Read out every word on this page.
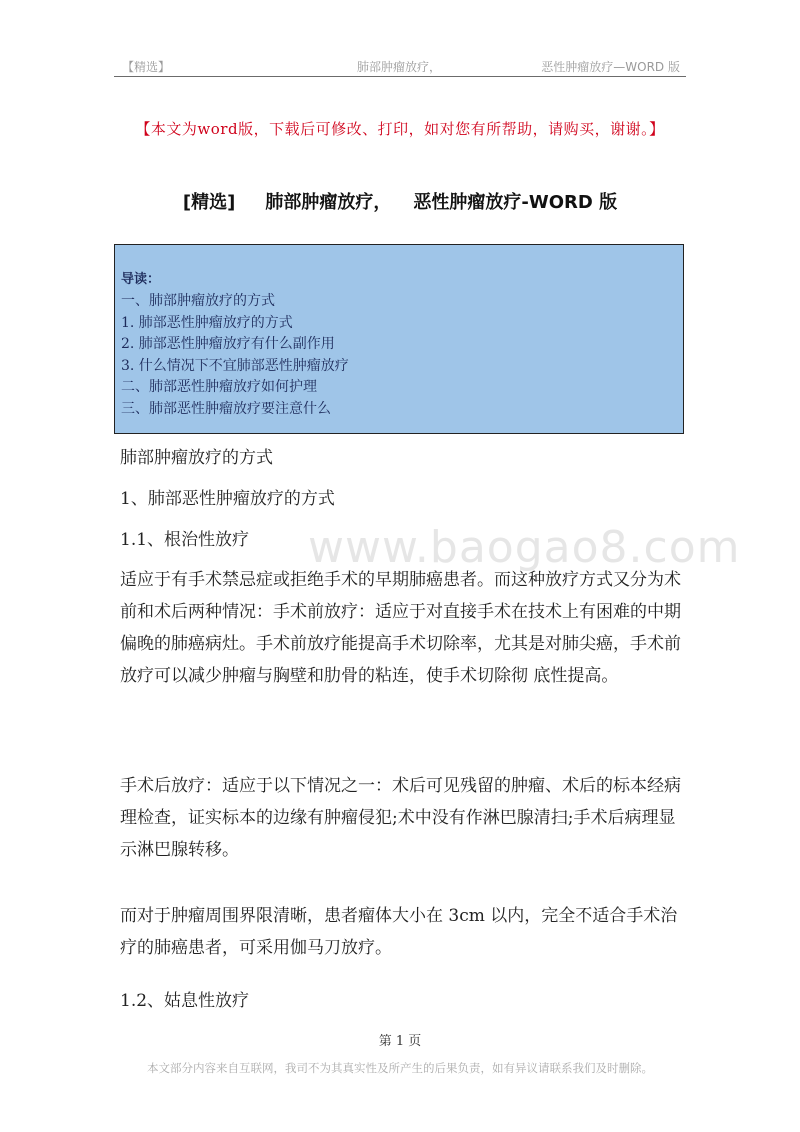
【精选】	肺部肿瘤放疗，	恶性肿瘤放疗—WORD 版
【本文为word版，下载后可修改、打印，如对您有所帮助，请购买，谢谢。】
[精选] 肺部肿瘤放疗， 恶性肿瘤放疗-WORD 版
导读：
一、肺部肿瘤放疗的方式
1. 肺部恶性肿瘤放疗的方式
2. 肺部恶性肿瘤放疗有什么副作用
3. 什么情况下不宜肺部恶性肿瘤放疗
二、肺部恶性肿瘤放疗如何护理
三、肺部恶性肿瘤放疗要注意什么
www.baogao8.com
肺部肿瘤放疗的方式
1、肺部恶性肿瘤放疗的方式
1.1、根治性放疗
适应于有手术禁忌症或拒绝手术的早期肺癌患者。而这种放疗方式又分为术前和术后两种情况：手术前放疗：适应于对直接手术在技术上有困难的中期偏晚的肺癌病灶。手术前放疗能提高手术切除率，尤其是对肺尖癌，手术前放疗可以减少肿瘤与胸壁和肋骨的粘连，使手术切除彻 底性提高。
手术后放疗：适应于以下情况之一：术后可见残留的肿瘤、术后的标本经病理检查，证实标本的边缘有肿瘤侵犯;术中没有作淋巴腺清扫;手术后病理显示淋巴腺转移。
而对于肿瘤周围界限清晰，患者瘤体大小在 3cm 以内，完全不适合手术治疗的肺癌患者，可采用伽马刀放疗。
1.2、姑息性放疗
第 1 页
本文部分内容来自互联网，我司不为其真实性及所产生的后果负责，如有异议请联系我们及时删除。
